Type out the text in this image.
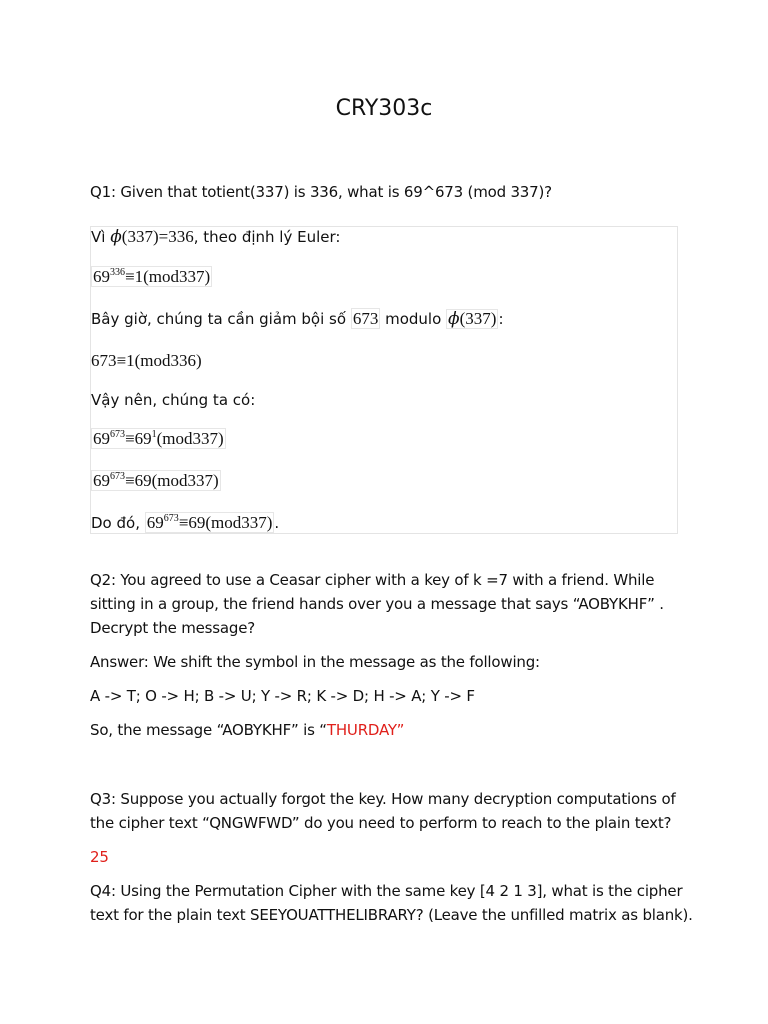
CRY303c
Q1: Given that totient(337) is 336, what is 69^673 (mod 337)?
Vì ϕ(337)=336, theo định lý Euler:
$69^{336}\equiv 1(mod337)$
Bây giờ, chúng ta cần giảm bội số 673 modulo ϕ(337) :
673≡1(mod336)
Vậy nên, chúng ta có:
$69^{673}\equiv 69^1(mod337)$
$69^{673}\equiv 69(mod337)$
Do đó, $69^{673}\equiv 69(mod337)$ .
Q2: You agreed to use a Ceasar cipher with a key of k =7 with a friend. While
sitting in a group, the friend hands over you a message that says “AOBYKHF” .
Decrypt the message?
Answer: We shift the symbol in the message as the following:
A -> T; O -> H; B -> U; Y -> R; K -> D; H -> A; Y -> F
So, the message “AOBYKHF” is “THURDAY”
Q3: Suppose you actually forgot the key. How many decryption computations of
the cipher text “QNGWFWD” do you need to perform to reach to the plain text?
25
Q4: Using the Permutation Cipher with the same key [4 2 1 3], what is the cipher
text for the plain text SEEYOUATTHELIBRARY? (Leave the unfilled matrix as blank).
